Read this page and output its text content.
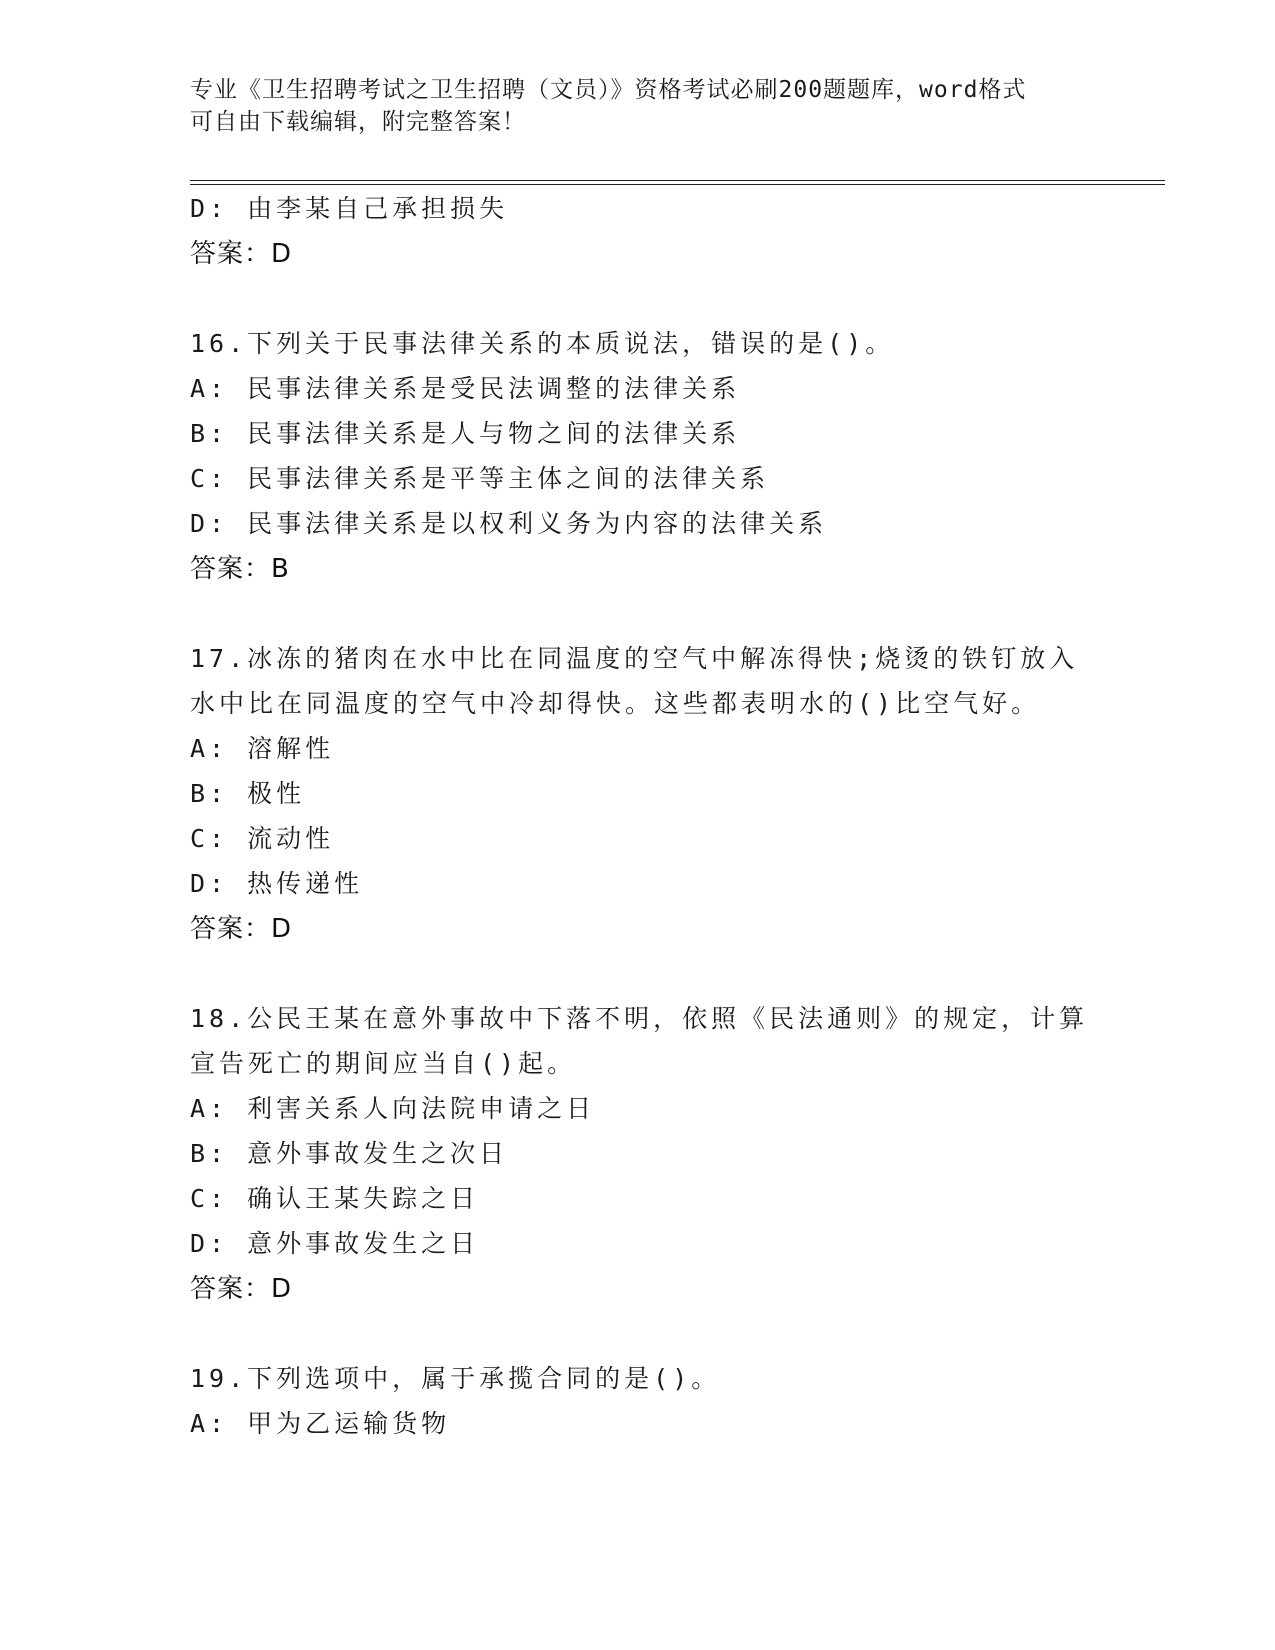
专业《卫生招聘考试之卫生招聘（文员）》资格考试必刷200题题库，word格式
可自由下载编辑，附完整答案！
D: 由李某自己承担损失
答案：D
16.下列关于民事法律关系的本质说法，错误的是()。
A: 民事法律关系是受民法调整的法律关系
B: 民事法律关系是人与物之间的法律关系
C: 民事法律关系是平等主体之间的法律关系
D: 民事法律关系是以权利义务为内容的法律关系
答案：B
17.冰冻的猪肉在水中比在同温度的空气中解冻得快;烧烫的铁钉放入
水中比在同温度的空气中冷却得快。这些都表明水的()比空气好。
A: 溶解性
B: 极性
C: 流动性
D: 热传递性
答案：D
18.公民王某在意外事故中下落不明，依照《民法通则》的规定，计算
宣告死亡的期间应当自()起。
A: 利害关系人向法院申请之日
B: 意外事故发生之次日
C: 确认王某失踪之日
D: 意外事故发生之日
答案：D
19.下列选项中，属于承揽合同的是()。
A: 甲为乙运输货物
